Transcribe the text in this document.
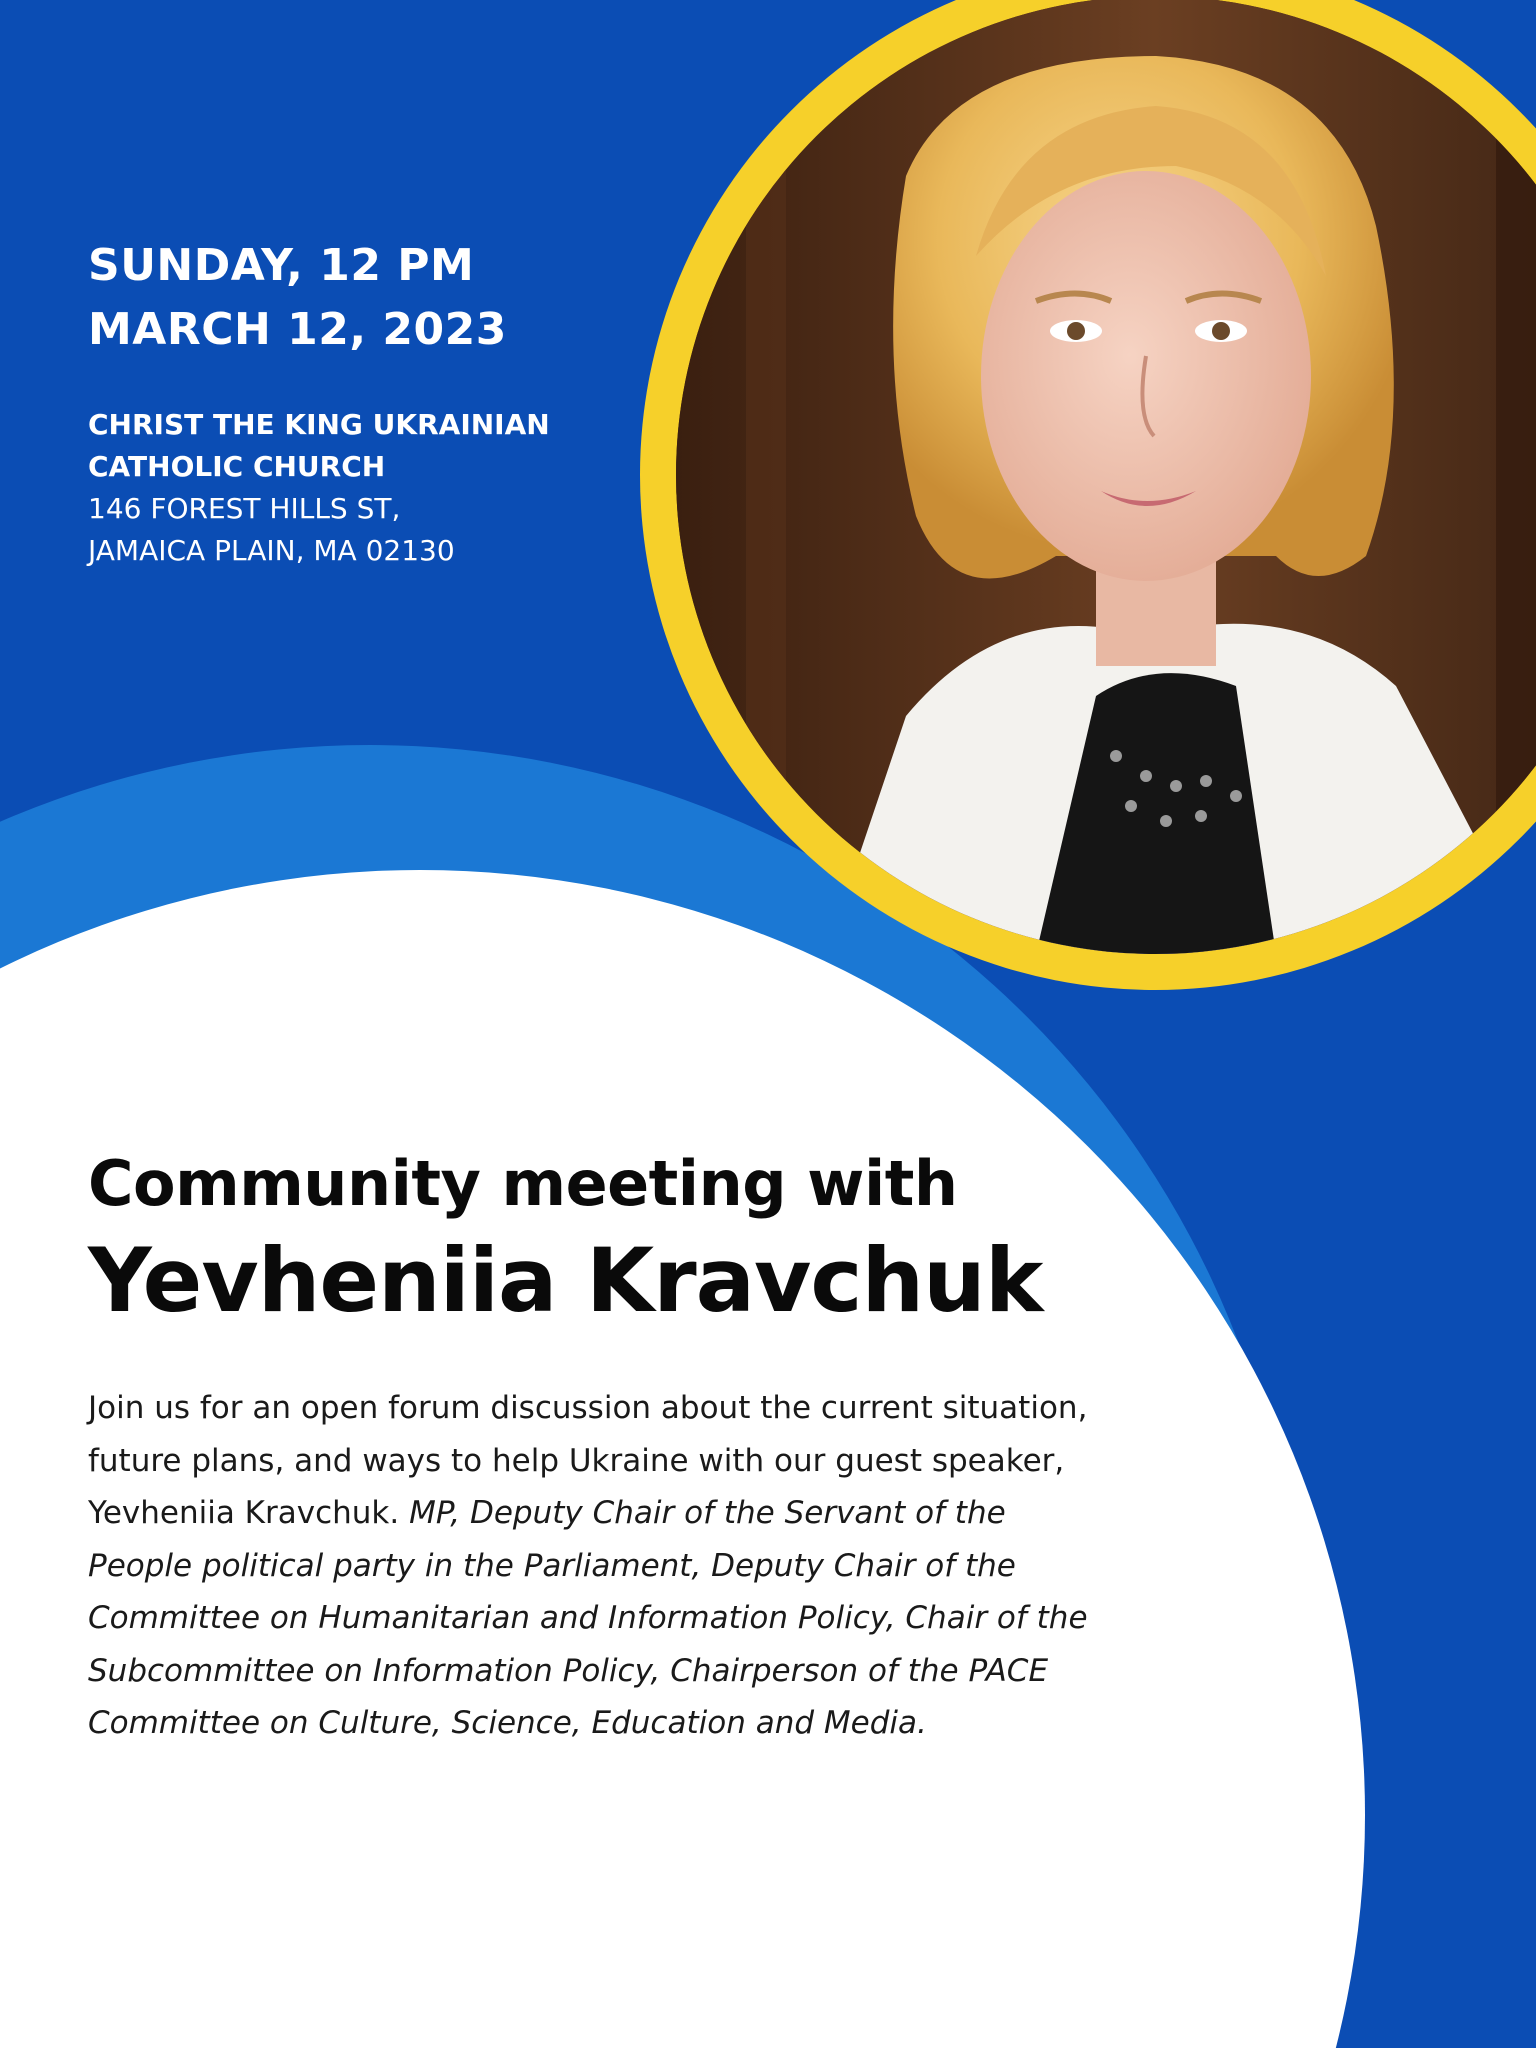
SUNDAY, 12 PM

MARCH 12, 2023

CHRIST THE KING UKRAINIAN
CATHOLIC CHURCH
146 FOREST HILLS ST,
JAMAICA PLAIN, MA 02130
Community meeting with
Yevheniia Kravchuk
Join us for an open forum discussion about the current situation, future plans, and ways to help Ukraine with our guest speaker, Yevheniia Kravchuk. MP, Deputy Chair of the Servant of the People political party in the Parliament, Deputy Chair of the Committee on Humanitarian and Information Policy, Chair of the Subcommittee on Information Policy, Chairperson of the PACE Committee on Culture, Science, Education and Media.
